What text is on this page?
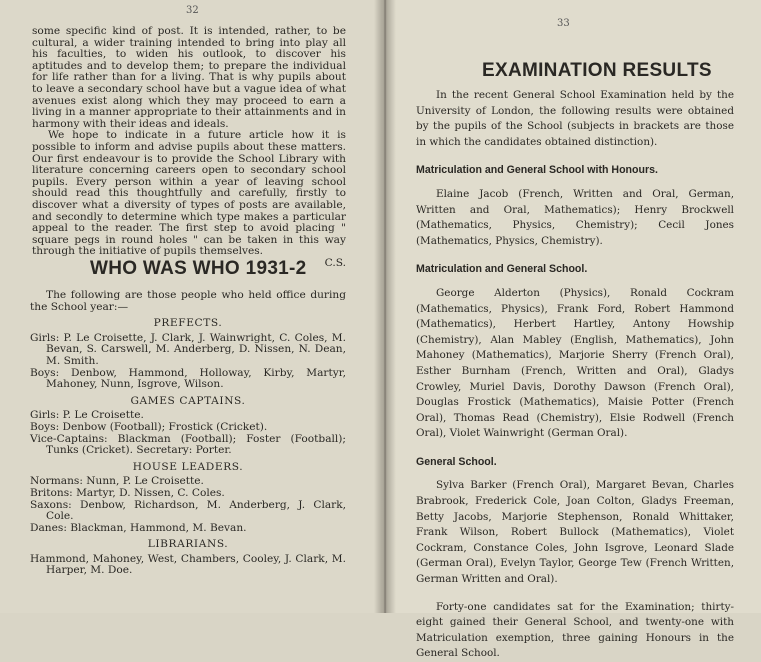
32
some specific kind of post. It is intended, rather, to be cultural, a wider training intended to bring into play all his faculties, to widen his outlook, to discover his aptitudes and to develop them; to prepare the individual for life rather than for a living. That is why pupils about to leave a secondary school have but a vague idea of what avenues exist along which they may proceed to earn a living in a manner appropriate to their attainments and in harmony with their ideas and ideals.
We hope to indicate in a future article how it is possible to inform and advise pupils about these matters. Our first endeavour is to provide the School Library with literature concerning careers open to secondary school pupils. Every person within a year of leaving school should read this thoughtfully and carefully, firstly to discover what a diversity of types of posts are available, and secondly to determine which type makes a particular appeal to the reader. The first step to avoid placing " square pegs in round holes " can be taken in this way through the initiative of pupils themselves.
C.S.
WHO WAS WHO 1931-2
The following are those people who held office during the School year:—
PREFECTS.
Girls: P. Le Croisette, J. Clark, J. Wainwright, C. Coles, M. Bevan, S. Carswell, M. Anderberg, D. Nissen, N. Dean, M. Smith.
Boys: Denbow, Hammond, Holloway, Kirby, Martyr, Mahoney, Nunn, Isgrove, Wilson.
GAMES CAPTAINS.
Girls: P. Le Croisette.
Boys: Denbow (Football); Frostick (Cricket).
Vice-Captains: Blackman (Football); Foster (Football); Tunks (Cricket). Secretary: Porter.
HOUSE LEADERS.
Normans: Nunn, P. Le Croisette.
Britons: Martyr, D. Nissen, C. Coles.
Saxons: Denbow, Richardson, M. Anderberg, J. Clark, Cole.
Danes: Blackman, Hammond, M. Bevan.
LIBRARIANS.
Hammond, Mahoney, West, Chambers, Cooley, J. Clark, M. Harper, M. Doe.
33
EXAMINATION RESULTS
In the recent General School Examination held by the University of London, the following results were obtained by the pupils of the School (subjects in brackets are those in which the candidates obtained distinction).
Matriculation and General School with Honours.
Elaine Jacob (French, Written and Oral, German, Written and Oral, Mathematics); Henry Brockwell (Mathematics, Physics, Chemistry); Cecil Jones (Mathematics, Physics, Chemistry).
Matriculation and General School.
George Alderton (Physics), Ronald Cockram (Mathematics, Physics), Frank Ford, Robert Hammond (Mathematics), Herbert Hartley, Antony Howship (Chemistry), Alan Mabley (English, Mathematics), John Mahoney (Mathematics), Marjorie Sherry (French Oral), Esther Burnham (French, Written and Oral), Gladys Crowley, Muriel Davis, Dorothy Dawson (French Oral), Douglas Frostick (Mathematics), Maisie Potter (French Oral), Thomas Read (Chemistry), Elsie Rodwell (French Oral), Violet Wainwright (German Oral).
General School.
Sylva Barker (French Oral), Margaret Bevan, Charles Brabrook, Frederick Cole, Joan Colton, Gladys Freeman, Betty Jacobs, Marjorie Stephenson, Ronald Whittaker, Frank Wilson, Robert Bullock (Mathematics), Violet Cockram, Constance Coles, John Isgrove, Leonard Slade (German Oral), Evelyn Taylor, George Tew (French Written, German Written and Oral).
Forty-one candidates sat for the Examination; thirty-eight gained their General School, and twenty-one with Matriculation exemption, three gaining Honours in the General School.
